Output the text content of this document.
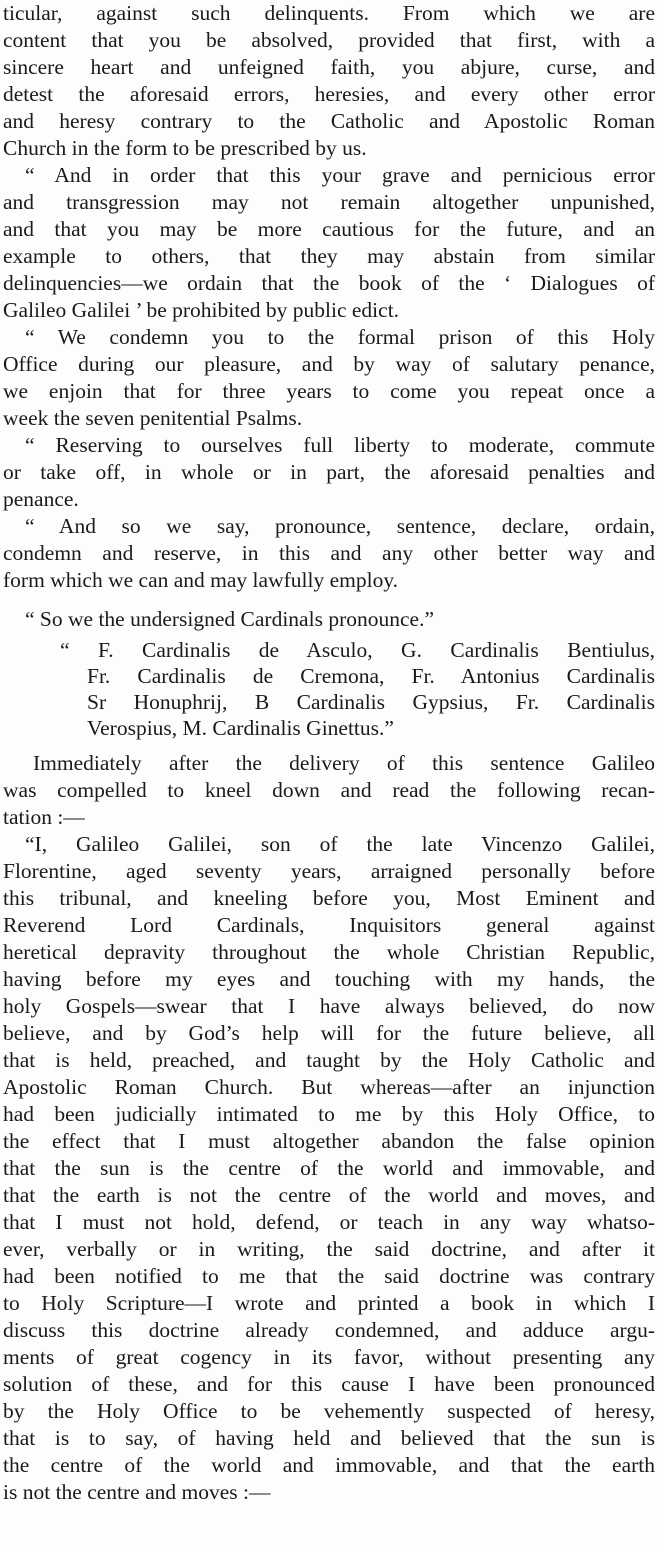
ticular, against such delinquents. From which we are
content that you be absolved, provided that first, with a
sincere heart and unfeigned faith, you abjure, curse, and
detest the aforesaid errors, heresies, and every other error
and heresy contrary to the Catholic and Apostolic Roman
Church in the form to be prescribed by us.
“ And in order that this your grave and pernicious error
and transgression may not remain altogether unpunished,
and that you may be more cautious for the future, and an
example to others, that they may abstain from similar
delinquencies—we ordain that the book of the ‘ Dialogues of
Galileo Galilei ’ be prohibited by public edict.
“ We condemn you to the formal prison of this Holy
Office during our pleasure, and by way of salutary penance,
we enjoin that for three years to come you repeat once a
week the seven penitential Psalms.
“ Reserving to ourselves full liberty to moderate, commute
or take off, in whole or in part, the aforesaid penalties and
penance.
“ And so we say, pronounce, sentence, declare, ordain,
condemn and reserve, in this and any other better way and
form which we can and may lawfully employ.
“ So we the undersigned Cardinals pronounce.”
“ F. Cardinalis de Asculo, G. Cardinalis Bentiulus,
Fr. Cardinalis de Cremona, Fr. Antonius Cardinalis
Sr Honuphrij, B Cardinalis Gypsius, Fr. Cardinalis
Verospius, M. Cardinalis Ginettus.”
Immediately after the delivery of this sentence Galileo
was compelled to kneel down and read the following recan-
tation :—
“I, Galileo Galilei, son of the late Vincenzo Galilei,
Florentine, aged seventy years, arraigned personally before
this tribunal, and kneeling before you, Most Eminent and
Reverend Lord Cardinals, Inquisitors general against
heretical depravity throughout the whole Christian Republic,
having before my eyes and touching with my hands, the
holy Gospels—swear that I have always believed, do now
believe, and by God’s help will for the future believe, all
that is held, preached, and taught by the Holy Catholic and
Apostolic Roman Church. But whereas—after an injunction
had been judicially intimated to me by this Holy Office, to
the effect that I must altogether abandon the false opinion
that the sun is the centre of the world and immovable, and
that the earth is not the centre of the world and moves, and
that I must not hold, defend, or teach in any way whatso-
ever, verbally or in writing, the said doctrine, and after it
had been notified to me that the said doctrine was contrary
to Holy Scripture—I wrote and printed a book in which I
discuss this doctrine already condemned, and adduce argu-
ments of great cogency in its favor, without presenting any
solution of these, and for this cause I have been pronounced
by the Holy Office to be vehemently suspected of heresy,
that is to say, of having held and believed that the sun is
the centre of the world and immovable, and that the earth
is not the centre and moves :—
